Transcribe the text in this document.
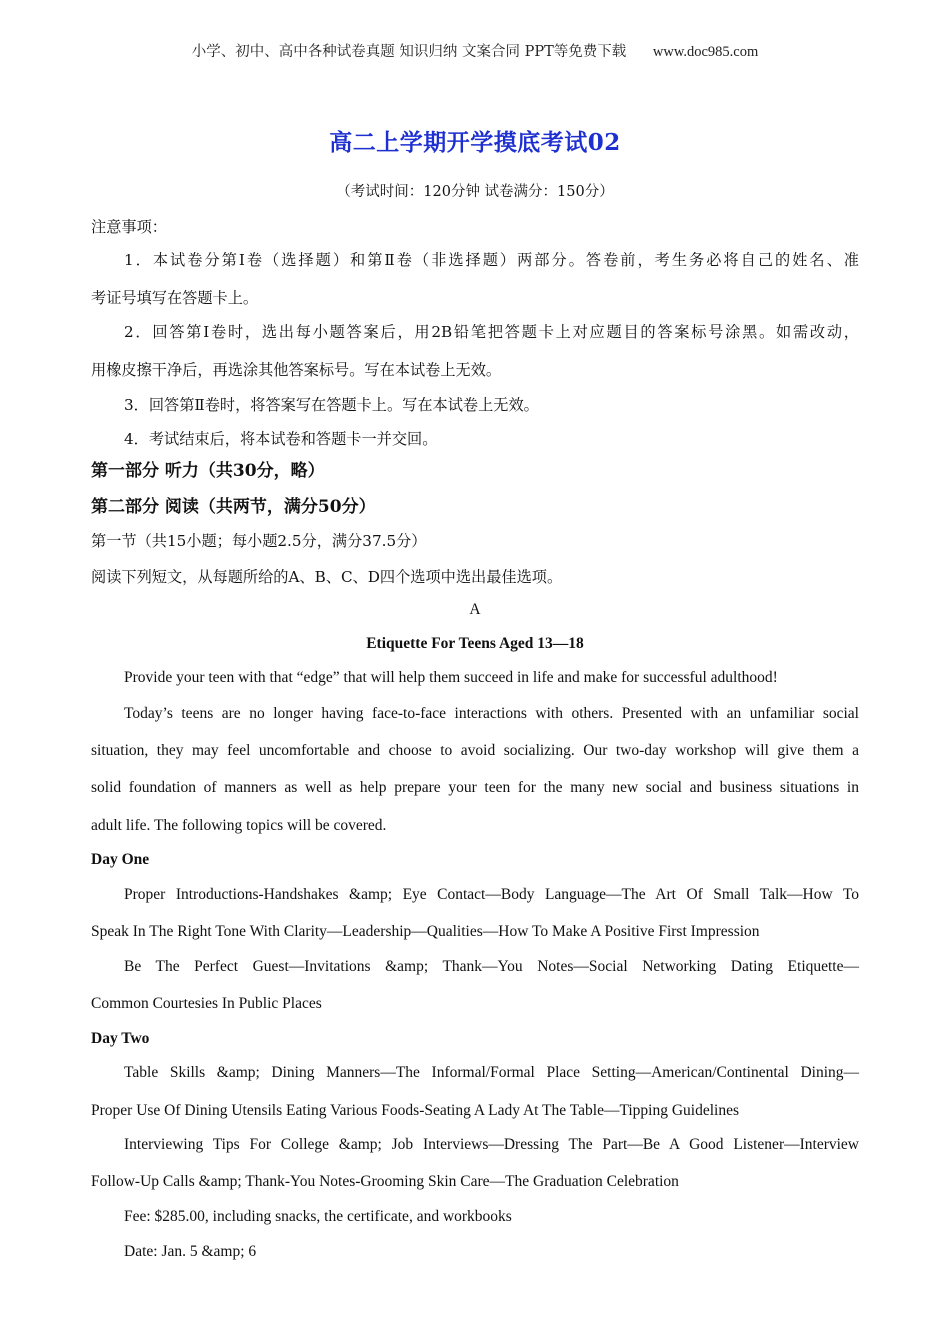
小学、初中、高中各种试卷真题 知识归纳 文案合同 PPT等免费下载 www.doc985.com
高二上学期开学摸底考试02
（考试时间：120分钟 试卷满分：150分）
注意事项：
1．本试卷分第Ⅰ卷（选择题）和第Ⅱ卷（非选择题）两部分。答卷前，考生务必将自己的姓名、准
考证号填写在答题卡上。
2．回答第Ⅰ卷时，选出每小题答案后，用2B铅笔把答题卡上对应题目的答案标号涂黑。如需改动，
用橡皮擦干净后，再选涂其他答案标号。写在本试卷上无效。
3．回答第Ⅱ卷时，将答案写在答题卡上。写在本试卷上无效。
4．考试结束后，将本试卷和答题卡一并交回。
第一部分 听力（共30分，略）
第二部分 阅读（共两节，满分50分）
第一节（共15小题；每小题2.5分，满分37.5分）
阅读下列短文，从每题所给的A、B、C、D四个选项中选出最佳选项。
A
Etiquette For Teens Aged 13—18
Provide your teen with that “edge” that will help them succeed in life and make for successful adulthood!
Today’s teens are no longer having face-to-face interactions with others. Presented with an unfamiliar social
situation, they may feel uncomfortable and choose to avoid socializing. Our two-day workshop will give them a
solid foundation of manners as well as help prepare your teen for the many new social and business situations in
adult life. The following topics will be covered.
Day One
Proper Introductions-Handshakes &amp; Eye Contact—Body Language—The Art Of Small Talk—How To
Speak In The Right Tone With Clarity—Leadership—Qualities—How To Make A Positive First Impression
Be The Perfect Guest—Invitations &amp; Thank—You Notes—Social Networking Dating Etiquette—
Common Courtesies In Public Places
Day Two
Table Skills &amp; Dining Manners—The Informal/Formal Place Setting—American/Continental Dining—
Proper Use Of Dining Utensils Eating Various Foods-Seating A Lady At The Table—Tipping Guidelines
Interviewing Tips For College &amp; Job Interviews—Dressing The Part—Be A Good Listener—Interview
Follow-Up Calls &amp; Thank-You Notes-Grooming Skin Care—The Graduation Celebration
Fee: $285.00, including snacks, the certificate, and workbooks
Date: Jan. 5 &amp; 6
